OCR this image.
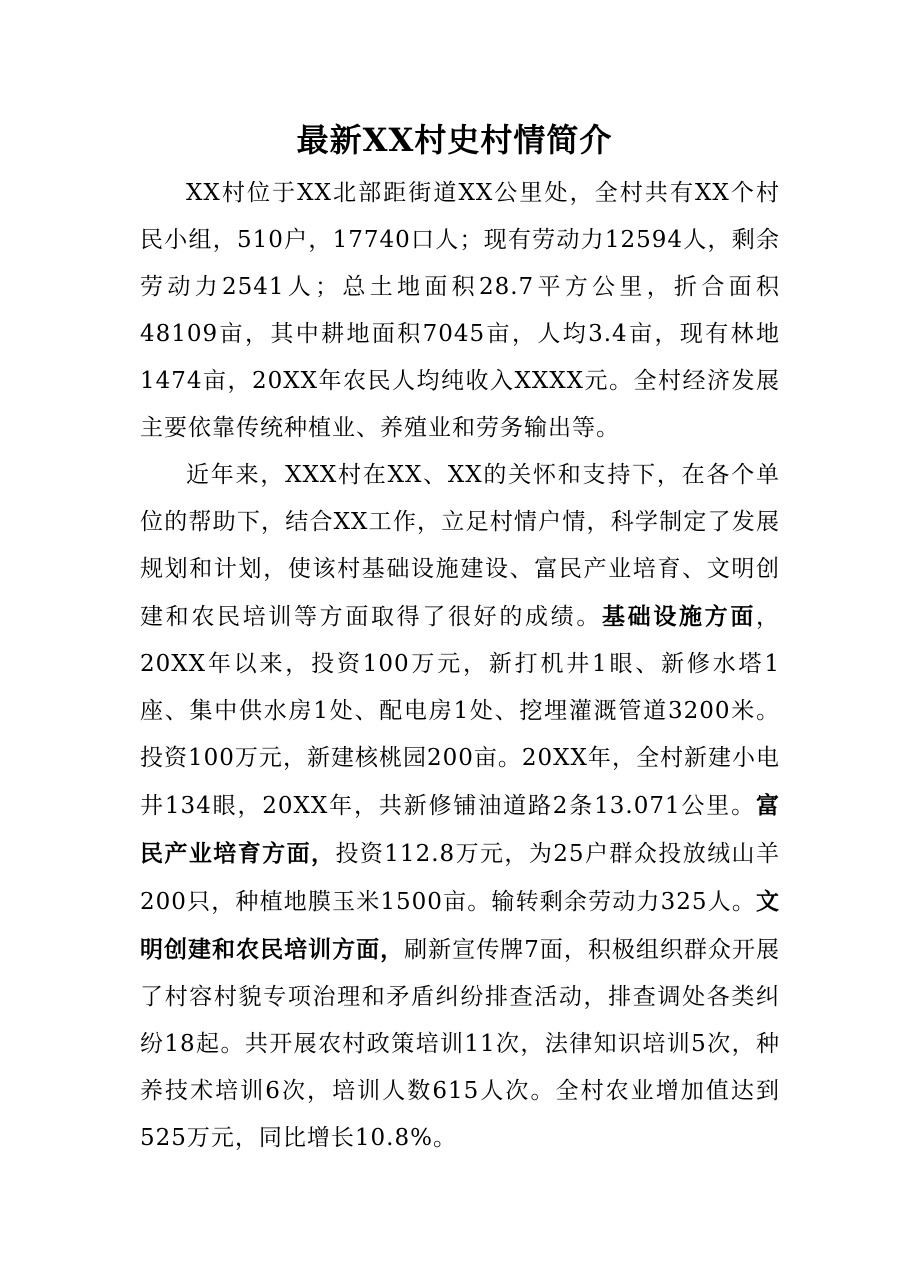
最新XX村史村情简介

XX村位于XX北部距街道XX公里处，全村共有XX个村民小组，510户，17740口人；现有劳动力12594人，剩余劳动力2541人；总土地面积28.7平方公里，折合面积48109亩，其中耕地面积7045亩，人均3.4亩，现有林地1474亩，20XX年农民人均纯收入XXXX元。全村经济发展主要依靠传统种植业、养殖业和劳务输出等。

近年来，XXX村在XX、XX的关怀和支持下，在各个单位的帮助下，结合XX工作，立足村情户情，科学制定了发展规划和计划，使该村基础设施建设、富民产业培育、文明创建和农民培训等方面取得了很好的成绩。基础设施方面，20XX年以来，投资100万元，新打机井1眼、新修水塔1座、集中供水房1处、配电房1处、挖埋灌溉管道3200米。投资100万元，新建核桃园200亩。20XX年，全村新建小电井134眼，20XX年，共新修铺油道路2条13.071公里。富民产业培育方面，投资112.8万元，为25户群众投放绒山羊200只，种植地膜玉米1500亩。输转剩余劳动力325人。文明创建和农民培训方面，刷新宣传牌7面，积极组织群众开展了村容村貌专项治理和矛盾纠纷排查活动，排查调处各类纠纷18起。共开展农村政策培训11次，法律知识培训5次，种养技术培训6次，培训人数615人次。全村农业增加值达到525万元，同比增长10.8%。
